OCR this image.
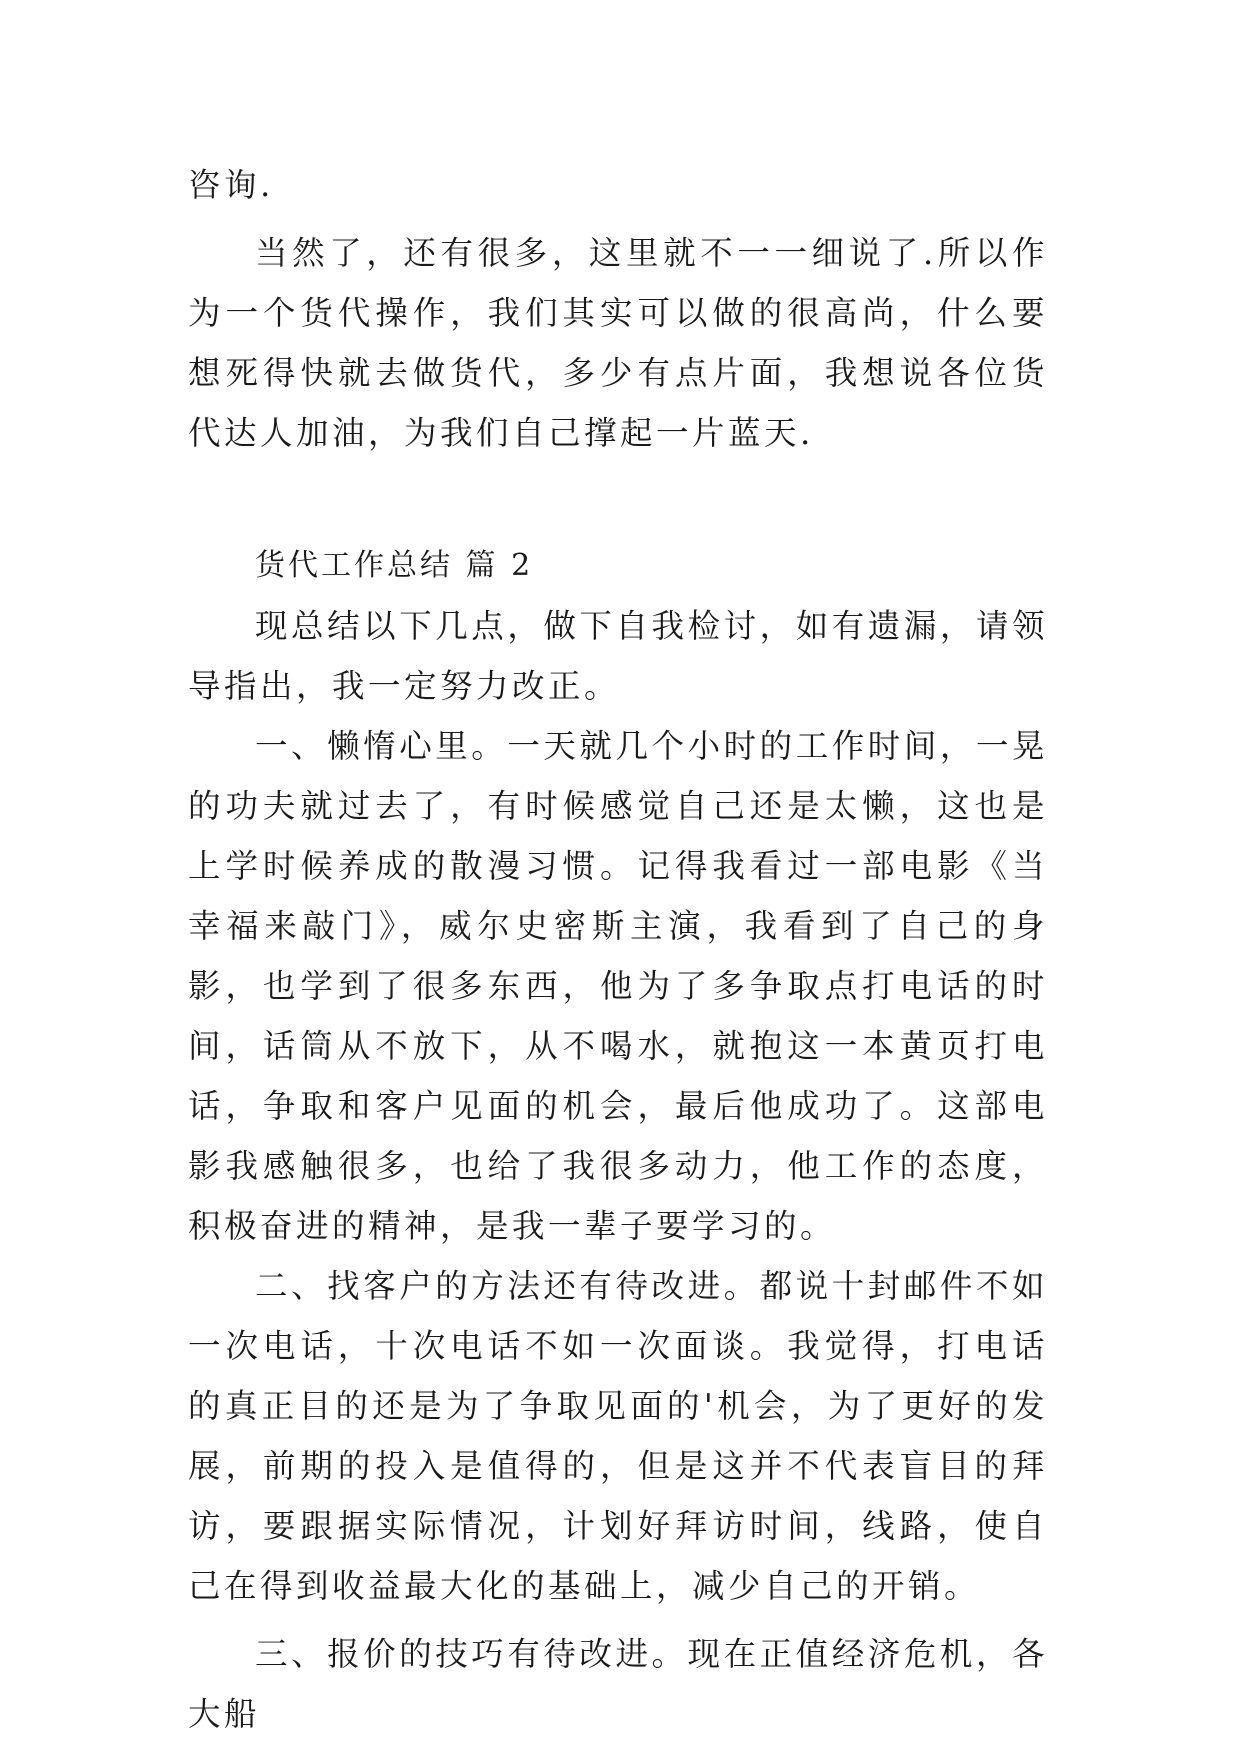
咨询.

当然了，还有很多，这里就不一一细说了.所以作为一个货代操作，我们其实可以做的很高尚，什么要想死得快就去做货代，多少有点片面，我想说各位货代达人加油，为我们自己撑起一片蓝天.

货代工作总结 篇 2

现总结以下几点，做下自我检讨，如有遗漏，请领导指出，我一定努力改正。

一、懒惰心里。一天就几个小时的工作时间，一晃的功夫就过去了，有时候感觉自己还是太懒，这也是上学时候养成的散漫习惯。记得我看过一部电影《当幸福来敲门》，威尔史密斯主演，我看到了自己的身影，也学到了很多东西，他为了多争取点打电话的时间，话筒从不放下，从不喝水，就抱这一本黄页打电话，争取和客户见面的机会，最后他成功了。这部电影我感触很多，也给了我很多动力，他工作的态度，积极奋进的精神，是我一辈子要学习的。

二、找客户的方法还有待改进。都说十封邮件不如一次电话，十次电话不如一次面谈。我觉得，打电话的真正目的还是为了争取见面的'机会，为了更好的发展，前期的投入是值得的，但是这并不代表盲目的拜访，要跟据实际情况，计划好拜访时间，线路，使自己在得到收益最大化的基础上，减少自己的开销。

三、报价的技巧有待改进。现在正值经济危机，各大船
